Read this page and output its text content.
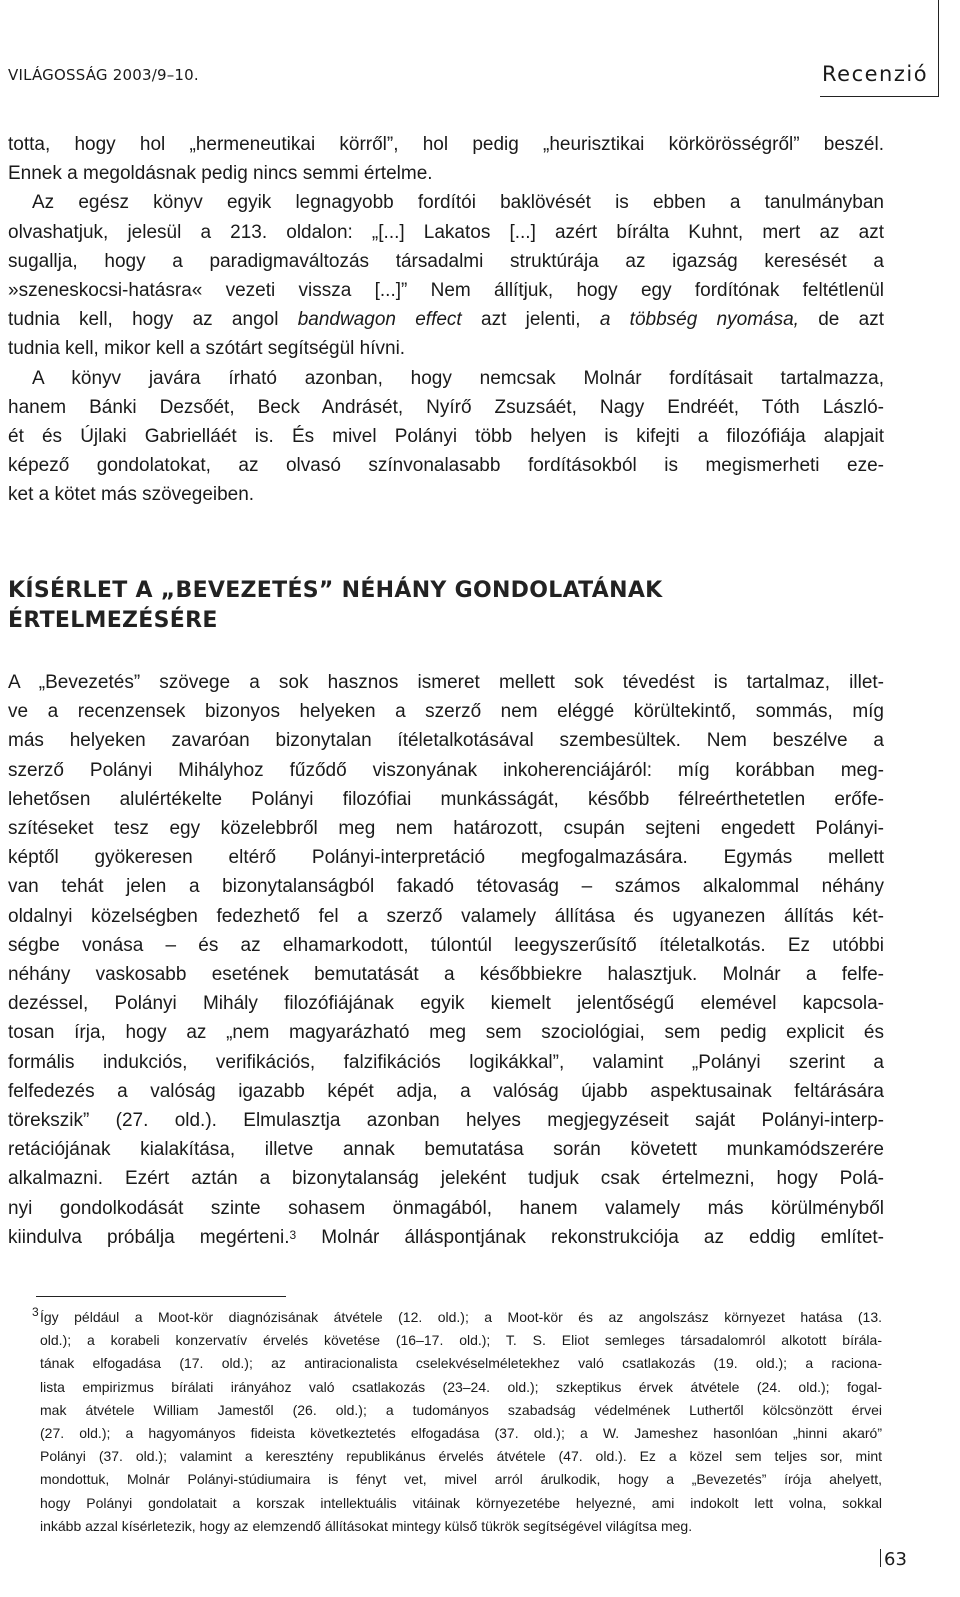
VILÁGOSSÁG 2003/9–10.	Recenzió
totta, hogy hol „hermeneutikai körről”, hol pedig „heurisztikai körkörösségről” beszél.
Ennek a megoldásnak pedig nincs semmi értelme.
Az egész könyv egyik legnagyobb fordítói baklövését is ebben a tanulmányban
olvashatjuk, jelesül a 213. oldalon: „[...] Lakatos [...] azért bírálta Kuhnt, mert az azt
sugallja, hogy a paradigmaváltozás társadalmi struktúrája az igazság keresését a
»szeneskocsi-hatásra« vezeti vissza [...]” Nem állítjuk, hogy egy fordítónak feltétlenül
tudnia kell, hogy az angol bandwagon effect azt jelenti, a többség nyomása, de azt
tudnia kell, mikor kell a szótárt segítségül hívni.
A könyv javára írható azonban, hogy nemcsak Molnár fordításait tartalmazza,
hanem Bánki Dezsőét, Beck Andrásét, Nyírő Zsuzsáét, Nagy Endréét, Tóth László-
ét és Újlaki Gabrielláét is. És mivel Polányi több helyen is kifejti a filozófiája alapjait
képező gondolatokat, az olvasó színvonalasabb fordításokból is megismerheti eze-
ket a kötet más szövegeiben.
KÍSÉRLET A „BEVEZETÉS” NÉHÁNY GONDOLATÁNAK
ÉRTELMEZÉSÉRE
A „Bevezetés” szövege a sok hasznos ismeret mellett sok tévedést is tartalmaz, illet-
ve a recenzensek bizonyos helyeken a szerző nem eléggé körültekintő, sommás, míg
más helyeken zavaróan bizonytalan ítéletalkotásával szembesültek. Nem beszélve a
szerző Polányi Mihályhoz fűződő viszonyának inkoherenciájáról: míg korábban meg-
lehetősen alulértékelte Polányi filozófiai munkásságát, később félreérthetetlen erőfe-
szítéseket tesz egy közelebbről meg nem határozott, csupán sejteni engedett Polányi-
képtől gyökeresen eltérő Polányi-interpretáció megfogalmazására. Egymás mellett
van tehát jelen a bizonytalanságból fakadó tétovaság – számos alkalommal néhány
oldalnyi közelségben fedezhető fel a szerző valamely állítása és ugyanezen állítás két-
ségbe vonása – és az elhamarkodott, túlontúl leegyszerűsítő ítéletalkotás. Ez utóbbi
néhány vaskosabb esetének bemutatását a későbbiekre halasztjuk. Molnár a felfe-
dezéssel, Polányi Mihály filozófiájának egyik kiemelt jelentőségű elemével kapcsola-
tosan írja, hogy az „nem magyarázható meg sem szociológiai, sem pedig explicit és
formális indukciós, verifikációs, falzifikációs logikákkal”, valamint „Polányi szerint a
felfedezés a valóság igazabb képét adja, a valóság újabb aspektusainak feltárására
törekszik” (27. old.). Elmulasztja azonban helyes megjegyzéseit saját Polányi-interp-
retációjának kialakítása, illetve annak bemutatása során követett munkamódszerére
alkalmazni. Ezért aztán a bizonytalanság jeleként tudjuk csak értelmezni, hogy Polá-
nyi gondolkodását szinte sohasem önmagából, hanem valamely más körülményből
kiindulva próbálja megérteni.$^3$ Molnár álláspontjának rekonstrukciója az eddig említet-
3 Így például a Moot-kör diagnózisának átvétele (12. old.); a Moot-kör és az angolszász környezet hatása (13.
old.); a korabeli konzervatív érvelés követése (16–17. old.); T. S. Eliot semleges társadalomról alkotott bírála-
tának elfogadása (17. old.); az antiracionalista cselekvéselméletekhez való csatlakozás (19. old.); a raciona-
lista empirizmus bírálati irányához való csatlakozás (23–24. old.); szkeptikus érvek átvétele (24. old.); fogal-
mak átvétele William Jamestől (26. old.); a tudományos szabadság védelmének Luthertől kölcsönzött érvei
(27. old.); a hagyományos fideista következtetés elfogadása (37. old.); a W. Jameshez hasonlóan „hinni akaró”
Polányi (37. old.); valamint a keresztény republikánus érvelés átvétele (47. old.). Ez a közel sem teljes sor, mint
mondottuk, Molnár Polányi-stúdiumaira is fényt vet, mivel arról árulkodik, hogy a „Bevezetés” írója ahelyett,
hogy Polányi gondolatait a korszak intellektuális vitáinak környezetébe helyezné, ami indokolt lett volna, sokkal
inkább azzal kísérletezik, hogy az elemzendő állításokat mintegy külső tükrök segítségével világítsa meg.
63
